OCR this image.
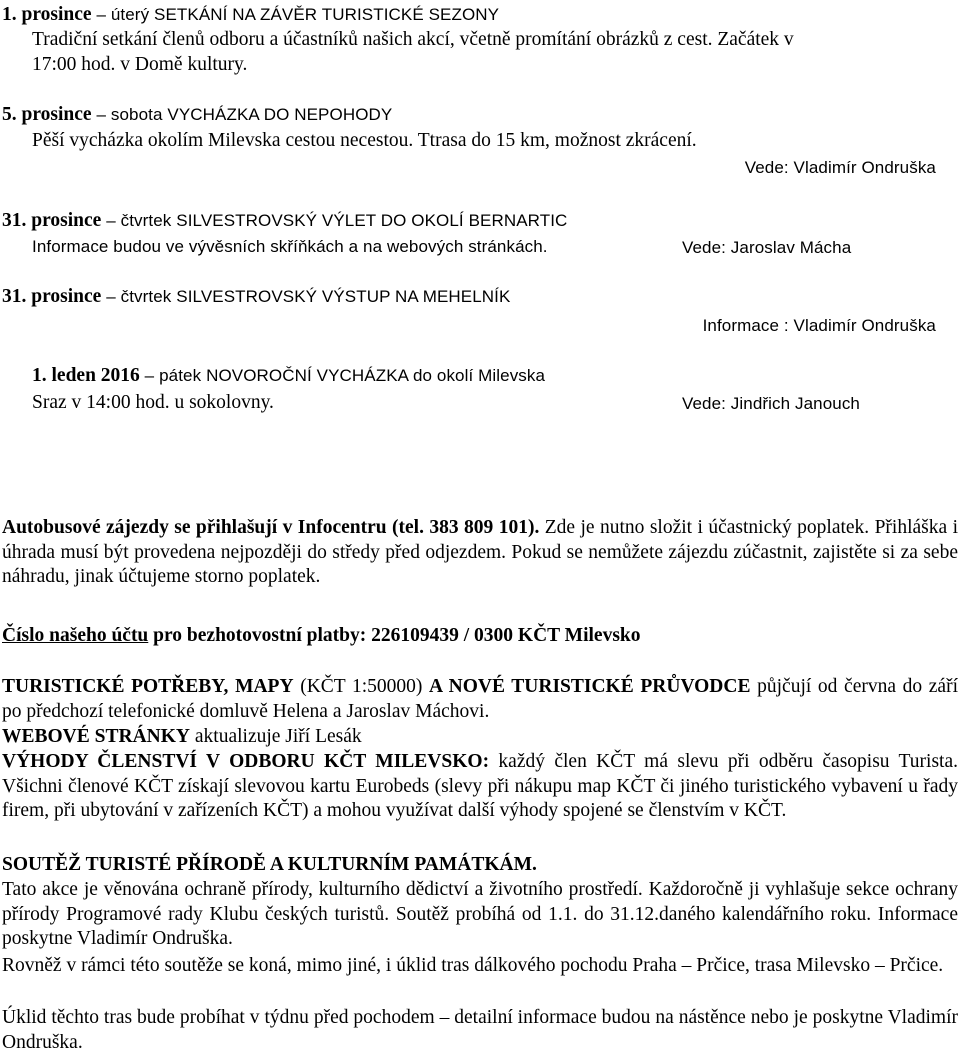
1. prosince – úterý SETKÁNÍ NA ZÁVĚR TURISTICKÉ SEZONY
Tradiční setkání členů odboru a účastníků našich akcí, včetně promítání obrázků z cest. Začátek v
17:00 hod. v Domě kultury.
5. prosince – sobota VYCHÁZKA DO NEPOHODY
Pěší vycházka okolím Milevska cestou necestou. Ttrasa do 15 km, možnost zkrácení.
Vede: Vladimír Ondruška
31. prosince – čtvrtek SILVESTROVSKÝ VÝLET DO OKOLÍ BERNARTIC
Informace budou ve vývěsních skříňkách a na webových stránkách.	Vede: Jaroslav Mácha
31. prosince – čtvrtek SILVESTROVSKÝ VÝSTUP NA MEHELNÍK
Informace : Vladimír Ondruška
1. leden 2016 – pátek NOVOROČNÍ VYCHÁZKA do okolí Milevska
Sraz v 14:00 hod. u sokolovny.	Vede: Jindřich Janouch
Autobusové zájezdy se přihlašují v Infocentru (tel. 383 809 101). Zde je nutno složit i účastnický poplatek. Přihláška i úhrada musí být provedena nejpozději do středy před odjezdem. Pokud se nemůžete zájezdu zúčastnit, zajistěte si za sebe náhradu, jinak účtujeme storno poplatek.
Číslo našeho účtu pro bezhotovostní platby: 226109439 / 0300 KČT Milevsko
TURISTICKÉ POTŘEBY, MAPY (KČT 1:50000) A NOVÉ TURISTICKÉ PRŮVODCE půjčují od června do září po předchozí telefonické domluvě Helena a Jaroslav Máchovi.
WEBOVÉ STRÁNKY aktualizuje Jiří Lesák
VÝHODY ČLENSTVÍ V ODBORU KČT MILEVSKO: každý člen KČT má slevu při odběru časopisu Turista. Všichni členové KČT získají slevovou kartu Eurobeds (slevy při nákupu map KČT či jiného turistického vybavení u řady firem, při ubytování v zařízeních KČT) a mohou využívat další výhody spojené se členstvím v KČT.
SOUTĚŽ TURISTÉ PŘÍRODĚ A KULTURNÍM PAMÁTKÁM.
Tato akce je věnována ochraně přírody, kulturního dědictví a životního prostředí. Každoročně ji vyhlašuje sekce ochrany přírody Programové rady Klubu českých turistů. Soutěž probíhá od 1.1. do 31.12.daného kalendářního roku. Informace poskytne Vladimír Ondruška.
Rovněž v rámci této soutěže se koná, mimo jiné, i úklid tras dálkového pochodu Praha – Prčice, trasa Milevsko – Prčice.
Úklid těchto tras bude probíhat v týdnu před pochodem – detailní informace budou na nástěnce nebo je poskytne Vladimír Ondruška.
